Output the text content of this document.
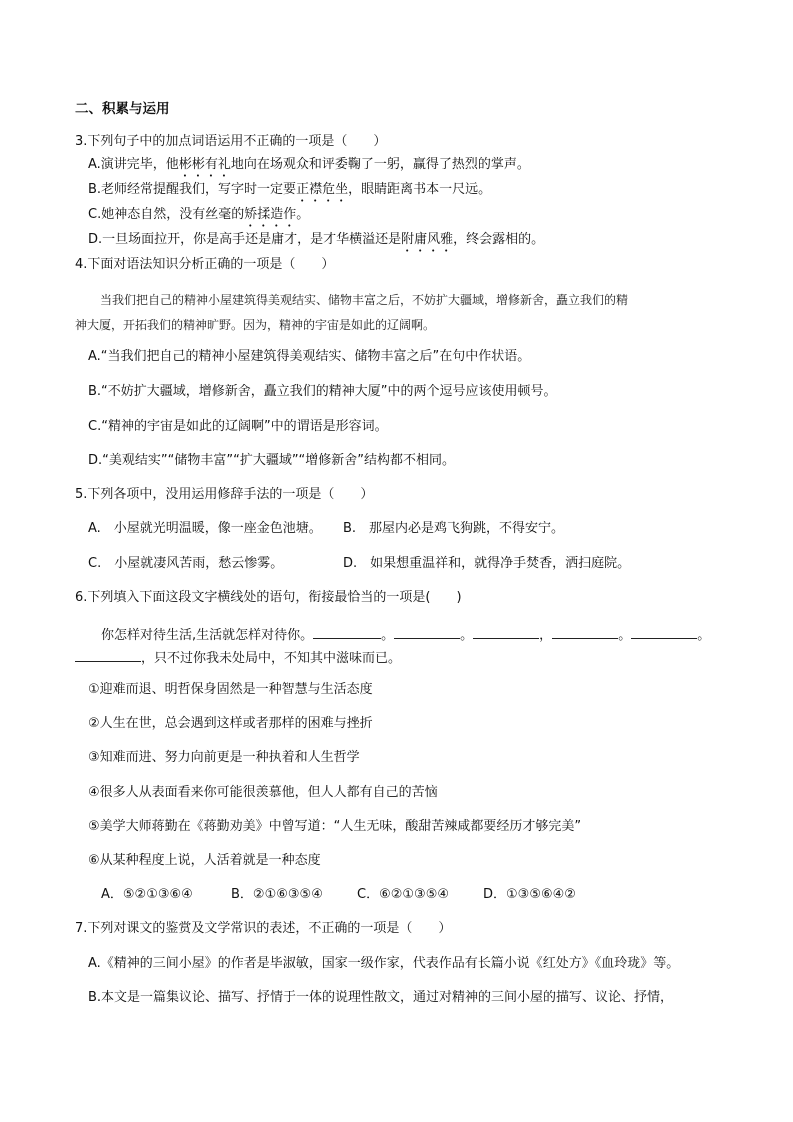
二、积累与运用
3.下列句子中的加点词语运用不正确的一项是（　　）
A.演讲完毕，他彬彬有礼地向在场观众和评委鞠了一躬，赢得了热烈的掌声。
B.老师经常提醒我们，写字时一定要正襟危坐，眼睛距离书本一尺远。
C.她神态自然，没有丝毫的矫揉造作。
D.一旦场面拉开，你是高手还是庸才，是才华横溢还是附庸风雅，终会露相的。
4.下面对语法知识分析正确的一项是（　　）
当我们把自己的精神小屋建筑得美观结实、储物丰富之后，不妨扩大疆域，增修新舍，矗立我们的精
神大厦，开拓我们的精神旷野。因为，精神的宇宙是如此的辽阔啊。
A.“当我们把自己的精神小屋建筑得美观结实、储物丰富之后”在句中作状语。
B.“不妨扩大疆域，增修新舍，矗立我们的精神大厦”中的两个逗号应该使用顿号。
C.“精神的宇宙是如此的辽阔啊”中的谓语是形容词。
D.“美观结实”“储物丰富”“扩大疆域”“增修新舍”结构都不相同。
5.下列各项中，没用运用修辞手法的一项是（　　）
A.　小屋就光明温暖，像一座金色池塘。 B.　那屋内必是鸡飞狗跳，不得安宁。
C.　小屋就凄风苦雨，愁云惨雾。	D.　如果想重温祥和，就得净手焚香，洒扫庭院。
6.下列填入下面这段文字横线处的语句，衔接最恰当的一项是(　　)
你怎样对待生活,生活就怎样对待你。	。	。	，	。	。
，只不过你我未处局中，不知其中滋味而已。
①迎难而退、明哲保身固然是一种智慧与生活态度
②人生在世，总会遇到这样或者那样的困难与挫折
③知难而进、努力向前更是一种执着和人生哲学
④很多人从表面看来你可能很羡慕他，但人人都有自己的苦恼
⑤美学大师蒋勤在《蒋勤劝美》中曾写道：“人生无味，酸甜苦辣咸都要经历才够完美”
⑥从某种程度上说，人活着就是一种态度
A．⑤②①③⑥④	B．②①⑥③⑤④	C．⑥②①③⑤④	D．①③⑤⑥④②
7.下列对课文的鉴赏及文学常识的表述，不正确的一项是（　　）
A.《精神的三间小屋》的作者是毕淑敏，国家一级作家，代表作品有长篇小说《红处方》《血玲珑》等。
B.本文是一篇集议论、描写、抒情于一体的说理性散文，通过对精神的三间小屋的描写、议论、抒情，
